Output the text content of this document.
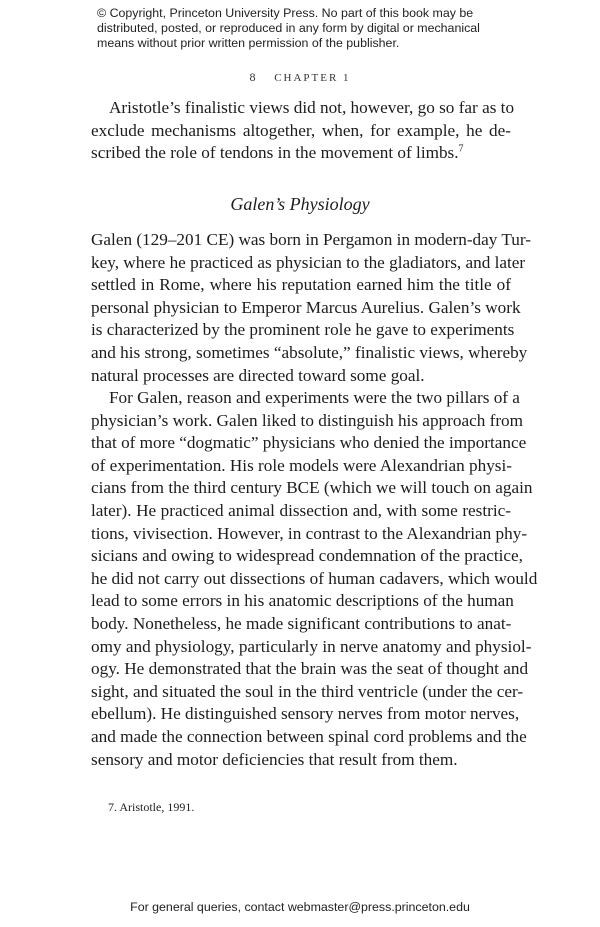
© Copyright, Princeton University Press. No part of this book may be
distributed, posted, or reproduced in any form by digital or mechanical
means without prior written permission of the publisher.
8 CHAPTER 1
Aristotle’s finalistic views did not, however, go so far as to
exclude mechanisms altogether, when, for example, he de-
scribed the role of tendons in the movement of limbs.$^7$
Galen’s Physiology
Galen (129–201 CE) was born in Pergamon in modern-day Tur-
key, where he practiced as physician to the gladiators, and later
settled in Rome, where his reputation earned him the title of
personal physician to Emperor Marcus Aurelius. Galen’s work
is characterized by the prominent role he gave to experiments
and his strong, sometimes “absolute,” finalistic views, whereby
natural processes are directed toward some goal.
For Galen, reason and experiments were the two pillars of a
physician’s work. Galen liked to distinguish his approach from
that of more “dogmatic” physicians who denied the importance
of experimentation. His role models were Alexandrian physi-
cians from the third century BCE (which we will touch on again
later). He practiced animal dissection and, with some restric-
tions, vivisection. However, in contrast to the Alexandrian phy-
sicians and owing to widespread condemnation of the practice,
he did not carry out dissections of human cadavers, which would
lead to some errors in his anatomic descriptions of the human
body. Nonetheless, he made significant contributions to anat-
omy and physiology, particularly in nerve anatomy and physiol-
ogy. He demonstrated that the brain was the seat of thought and
sight, and situated the soul in the third ventricle (under the cer-
ebellum). He distinguished sensory nerves from motor nerves,
and made the connection between spinal cord problems and the
sensory and motor deficiencies that result from them.
7. Aristotle, 1991.
For general queries, contact webmaster@press.princeton.edu
